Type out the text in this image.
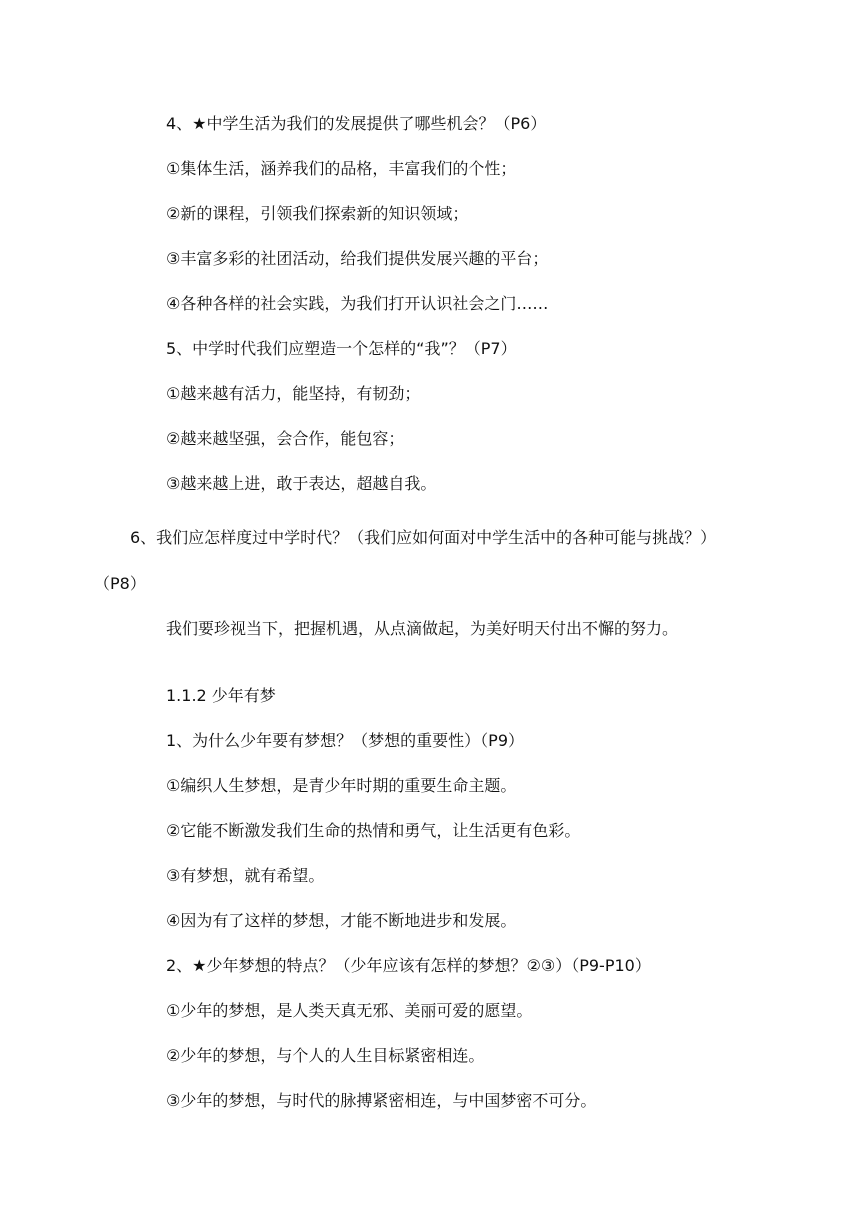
4、★中学生活为我们的发展提供了哪些机会？（P6）
①集体生活，涵养我们的品格，丰富我们的个性；
②新的课程，引领我们探索新的知识领域；
③丰富多彩的社团活动，给我们提供发展兴趣的平台；
④各种各样的社会实践，为我们打开认识社会之门……
5、中学时代我们应塑造一个怎样的“我”？（P7）
①越来越有活力，能坚持，有韧劲；
②越来越坚强，会合作，能包容；
③越来越上进，敢于表达，超越自我。
6、我们应怎样度过中学时代？（我们应如何面对中学生活中的各种可能与挑战？）（P8）
我们要珍视当下，把握机遇，从点滴做起，为美好明天付出不懈的努力。
1.1.2 少年有梦
1、为什么少年要有梦想？（梦想的重要性）（P9）
①编织人生梦想，是青少年时期的重要生命主题。
②它能不断激发我们生命的热情和勇气，让生活更有色彩。
③有梦想，就有希望。
④因为有了这样的梦想，才能不断地进步和发展。
2、★少年梦想的特点？（少年应该有怎样的梦想？②③）（P9-P10）
①少年的梦想，是人类天真无邪、美丽可爱的愿望。
②少年的梦想，与个人的人生目标紧密相连。
③少年的梦想，与时代的脉搏紧密相连，与中国梦密不可分。
